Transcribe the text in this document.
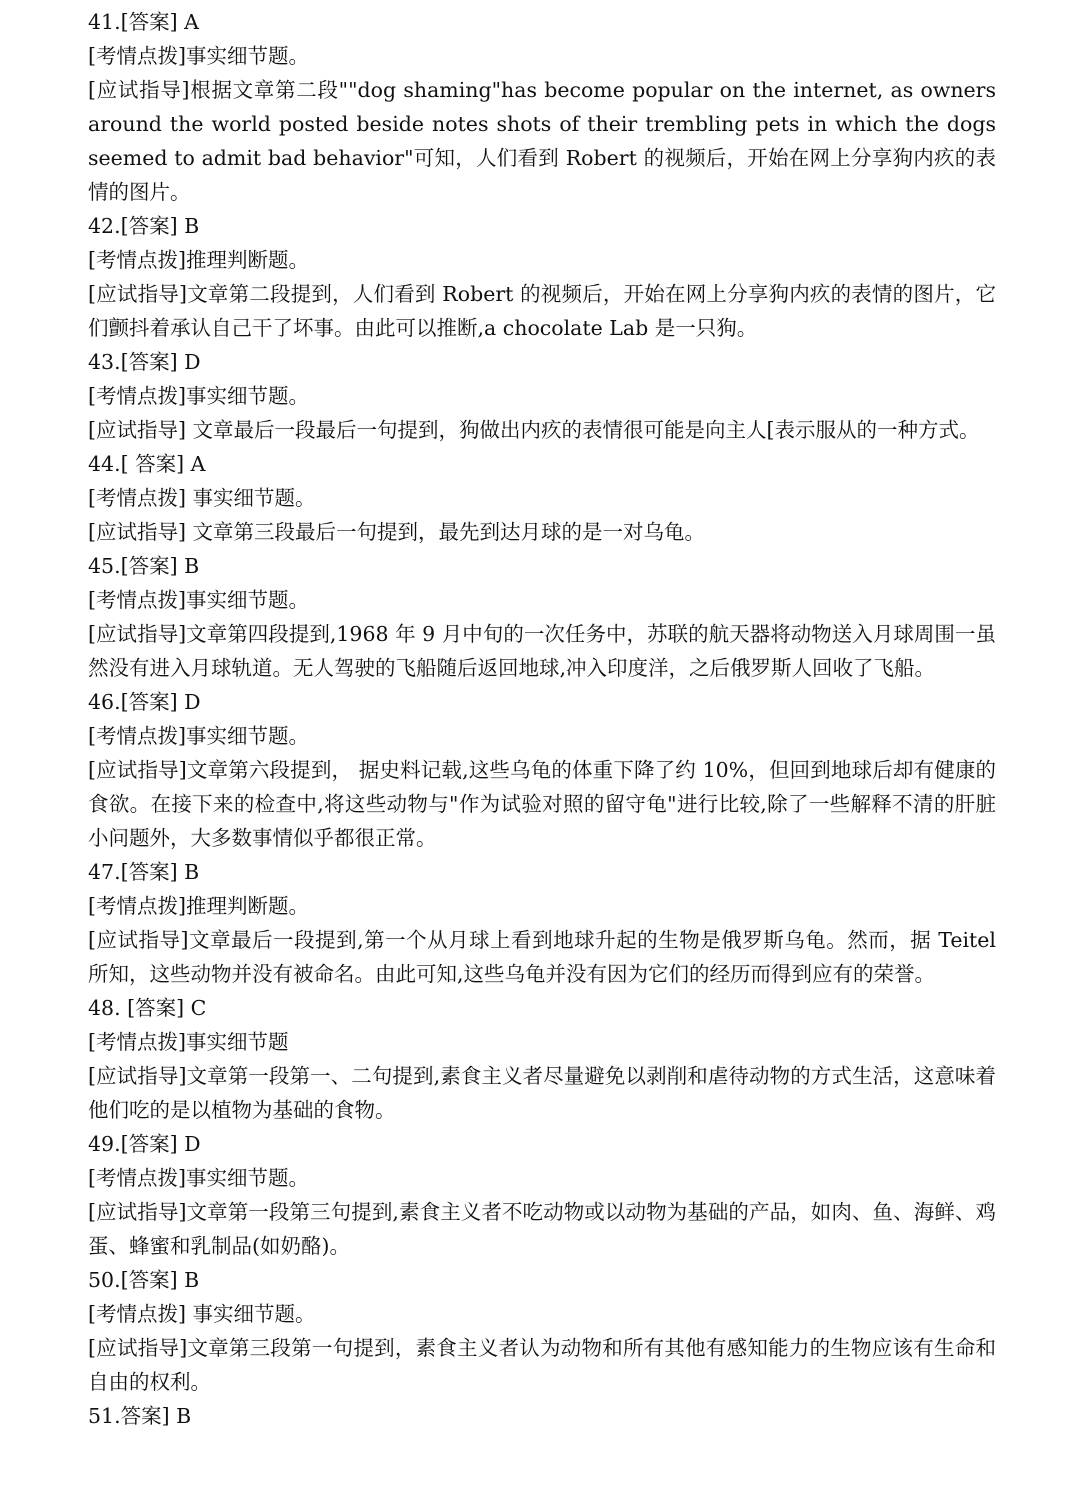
41.[答案] A
[考情点拨]事实细节题。
[应试指导]根据文章第二段""dog shaming"has become popular on the internet, as owners around the world posted beside notes shots of their trembling pets in which the dogs seemed to admit bad behavior"可知，人们看到 Robert 的视频后，开始在网上分享狗内疚的表情的图片。
42.[答案] B
[考情点拨]推理判断题。
[应试指导]文章第二段提到，人们看到 Robert 的视频后，开始在网上分享狗内疚的表情的图片，它们颤抖着承认自己干了坏事。由此可以推断,a chocolate Lab 是一只狗。
43.[答案] D
[考情点拨]事实细节题。
[应试指导] 文章最后一段最后一句提到，狗做出内疚的表情很可能是向主人[表示服从的一种方式。
44.[ 答案] A
[考情点拨] 事实细节题。
[应试指导] 文章第三段最后一句提到，最先到达月球的是一对乌龟。
45.[答案] B
[考情点拨]事实细节题。
[应试指导]文章第四段提到,1968 年 9 月中旬的一次任务中，苏联的航天器将动物送入月球周围一虽然没有进入月球轨道。无人驾驶的飞船随后返回地球,冲入印度洋，之后俄罗斯人回收了飞船。
46.[答案] D
[考情点拨]事实细节题。
[应试指导]文章第六段提到， 据史料记载,这些乌龟的体重下降了约 10%，但回到地球后却有健康的食欲。在接下来的检查中,将这些动物与"作为试验对照的留守龟"进行比较,除了一些解释不清的肝脏小问题外，大多数事情似乎都很正常。
47.[答案] B
[考情点拨]推理判断题。
[应试指导]文章最后一段提到,第一个从月球上看到地球升起的生物是俄罗斯乌龟。然而，据 Teitel 所知，这些动物并没有被命名。由此可知,这些乌龟并没有因为它们的经历而得到应有的荣誉。
48. [答案] C
[考情点拨]事实细节题
[应试指导]文章第一段第一、二句提到,素食主义者尽量避免以剥削和虐待动物的方式生活，这意味着他们吃的是以植物为基础的食物。
49.[答案] D
[考情点拨]事实细节题。
[应试指导]文章第一段第三句提到,素食主义者不吃动物或以动物为基础的产品，如肉、鱼、海鲜、鸡蛋、蜂蜜和乳制品(如奶酪)。
50.[答案] B
[考情点拨] 事实细节题。
[应试指导]文章第三段第一句提到，素食主义者认为动物和所有其他有感知能力的生物应该有生命和自由的权利。
51.答案] B
